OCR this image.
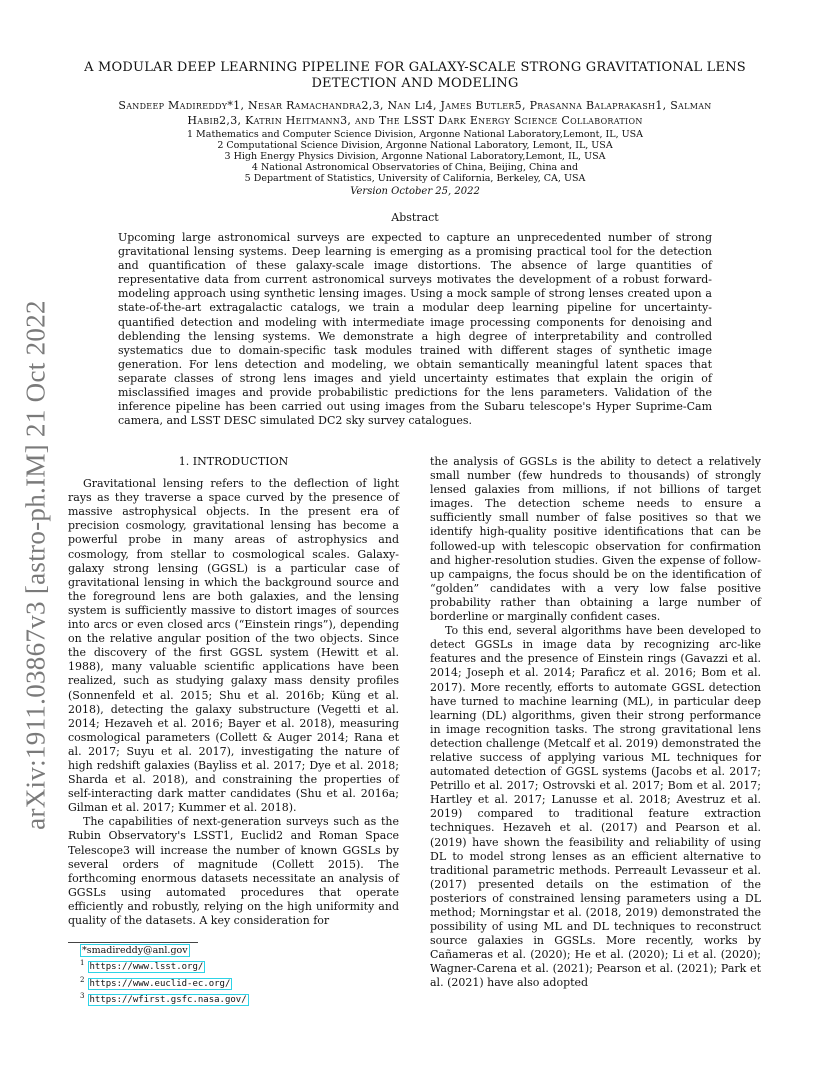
arXiv:1911.03867v3 [astro-ph.IM] 21 Oct 2022
A MODULAR DEEP LEARNING PIPELINE FOR GALAXY-SCALE STRONG GRAVITATIONAL LENS
DETECTION AND MODELING
Sandeep Madireddy*1, Nesar Ramachandra2,3, Nan Li4, James Butler5, Prasanna Balaprakash1, Salman
Habib2,3, Katrin Heitmann3, and The LSST Dark Energy Science Collaboration
1 Mathematics and Computer Science Division, Argonne National Laboratory,Lemont, IL, USA
2 Computational Science Division, Argonne National Laboratory, Lemont, IL, USA
3 High Energy Physics Division, Argonne National Laboratory,Lemont, IL, USA
4 National Astronomical Observatories of China, Beijing, China and
5 Department of Statistics, University of California, Berkeley, CA, USA
Version October 25, 2022
Abstract

Upcoming large astronomical surveys are expected to capture an unprecedented number of strong gravitational lensing systems. Deep learning is emerging as a promising practical tool for the detection and quantification of these galaxy-scale image distortions. The absence of large quantities of representative data from current astronomical surveys motivates the development of a robust forward-modeling approach using synthetic lensing images. Using a mock sample of strong lenses created upon a state-of-the-art extragalactic catalogs, we train a modular deep learning pipeline for uncertainty-quantified detection and modeling with intermediate image processing components for denoising and deblending the lensing systems. We demonstrate a high degree of interpretability and controlled systematics due to domain-specific task modules trained with different stages of synthetic image generation. For lens detection and modeling, we obtain semantically meaningful latent spaces that separate classes of strong lens images and yield uncertainty estimates that explain the origin of misclassified images and provide probabilistic predictions for the lens parameters. Validation of the inference pipeline has been carried out using images from the Subaru telescope's Hyper Suprime-Cam camera, and LSST DESC simulated DC2 sky survey catalogues.

1. INTRODUCTION

Gravitational lensing refers to the deflection of light rays as they traverse a space curved by the presence of massive astrophysical objects. In the present era of precision cosmology, gravitational lensing has become a powerful probe in many areas of astrophysics and cosmology, from stellar to cosmological scales. Galaxy-galaxy strong lensing (GGSL) is a particular case of gravitational lensing in which the background source and the foreground lens are both galaxies, and the lensing system is sufficiently massive to distort images of sources into arcs or even closed arcs (“Einstein rings”), depending on the relative angular position of the two objects. Since the discovery of the first GGSL system (Hewitt et al. 1988), many valuable scientific applications have been realized, such as studying galaxy mass density profiles (Sonnenfeld et al. 2015; Shu et al. 2016b; Küng et al. 2018), detecting the galaxy substructure (Vegetti et al. 2014; Hezaveh et al. 2016; Bayer et al. 2018), measuring cosmological parameters (Collett & Auger 2014; Rana et al. 2017; Suyu et al. 2017), investigating the nature of high redshift galaxies (Bayliss et al. 2017; Dye et al. 2018; Sharda et al. 2018), and constraining the properties of self-interacting dark matter candidates (Shu et al. 2016a; Gilman et al. 2017; Kummer et al. 2018).

The capabilities of next-generation surveys such as the Rubin Observatory's LSST1, Euclid2 and Roman Space Telescope3 will increase the number of known GGSLs by several orders of magnitude (Collett 2015). The forthcoming enormous datasets necessitate an analysis of GGSLs using automated procedures that operate efficiently and robustly, relying on the high uniformity and quality of the datasets. A key consideration for

the analysis of GGSLs is the ability to detect a relatively small number (few hundreds to thousands) of strongly lensed galaxies from millions, if not billions of target images. The detection scheme needs to ensure a sufficiently small number of false positives so that we identify high-quality positive identifications that can be followed-up with telescopic observation for confirmation and higher-resolution studies. Given the expense of follow-up campaigns, the focus should be on the identification of “golden” candidates with a very low false positive probability rather than obtaining a large number of borderline or marginally confident cases.

To this end, several algorithms have been developed to detect GGSLs in image data by recognizing arc-like features and the presence of Einstein rings (Gavazzi et al. 2014; Joseph et al. 2014; Paraficz et al. 2016; Bom et al. 2017). More recently, efforts to automate GGSL detection have turned to machine learning (ML), in particular deep learning (DL) algorithms, given their strong performance in image recognition tasks. The strong gravitational lens detection challenge (Metcalf et al. 2019) demonstrated the relative success of applying various ML techniques for automated detection of GGSL systems (Jacobs et al. 2017; Petrillo et al. 2017; Ostrovski et al. 2017; Bom et al. 2017; Hartley et al. 2017; Lanusse et al. 2018; Avestruz et al. 2019) compared to traditional feature extraction techniques. Hezaveh et al. (2017) and Pearson et al. (2019) have shown the feasibility and reliability of using DL to model strong lenses as an efficient alternative to traditional parametric methods. Perreault Levasseur et al. (2017) presented details on the estimation of the posteriors of constrained lensing parameters using a DL method; Morningstar et al. (2018, 2019) demonstrated the possibility of using ML and DL techniques to reconstruct source galaxies in GGSLs. More recently, works by Cañameras et al. (2020); He et al. (2020); Li et al. (2020); Wagner-Carena et al. (2021); Pearson et al. (2021); Park et al. (2021) have also adopted

*smadireddy@anl.gov
$^1$ https://www.lsst.org/
$^2$ https://www.euclid-ec.org/
$^3$ https://wfirst.gsfc.nasa.gov/
